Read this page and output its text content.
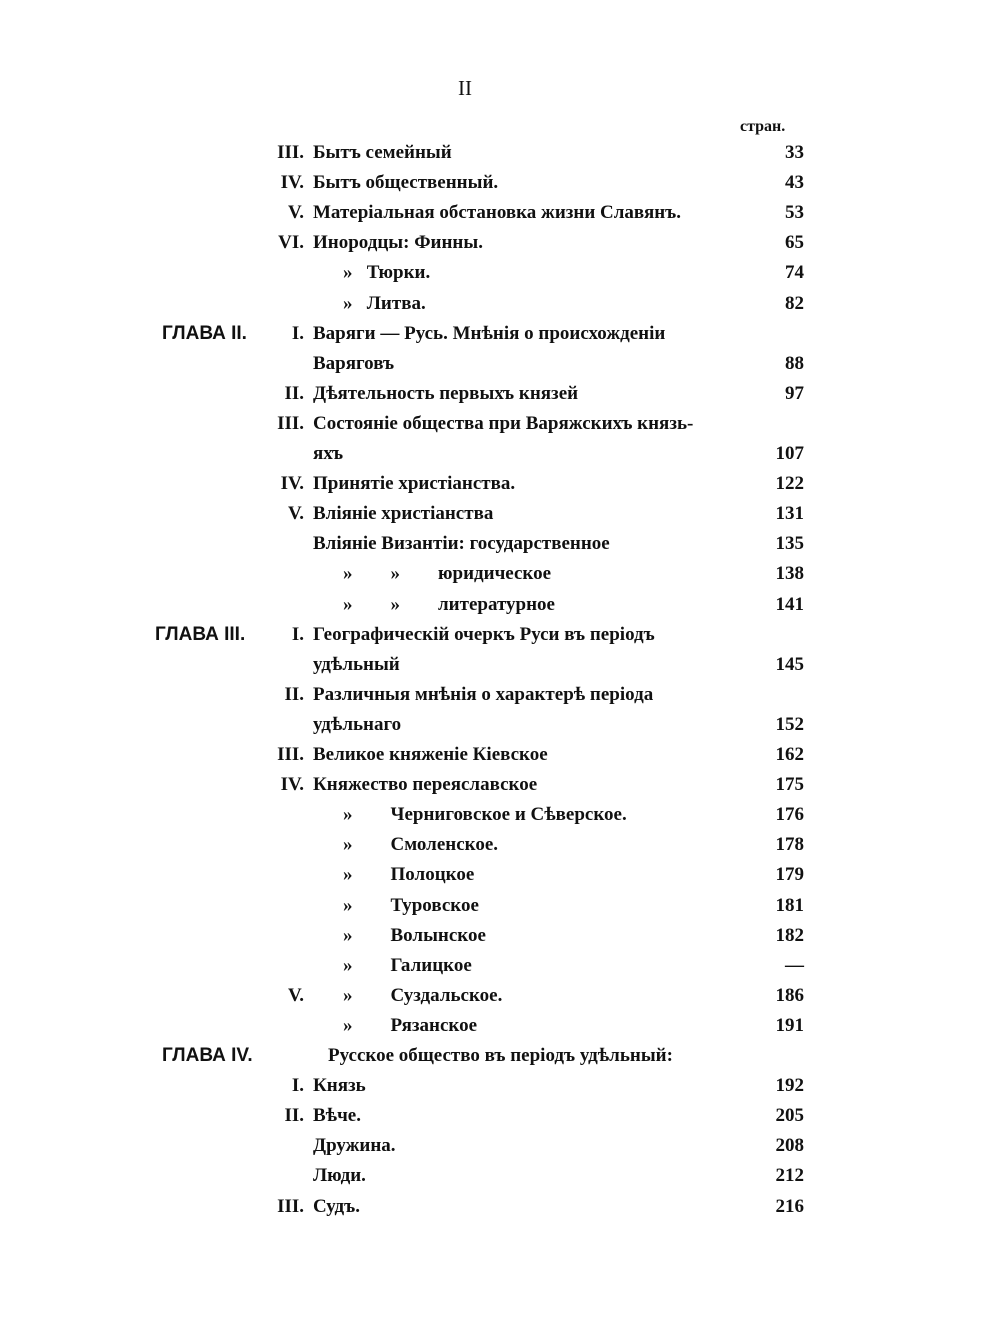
II
стран.
III. Бытъ семейный	33
IV. Бытъ общественный.	43
V. Матеріальная обстановка жизни Славянъ.	53
VI. Инородцы: Финны.	65
»   Тюрки.	74
»   Литва.	82
ГЛАВА II. I. Варяги — Русь. Мнѣнія о происхожденіи
Варяговъ	88
II. Дѣятельность первыхъ князей	97
III. Состояніе общества при Варяжскихъ князь-
яхъ	107
IV. Принятіе христіанства.	122
V. Вліяніе христіанства	131
Вліяніе Византіи: государственное	135
»        »        юридическое	138
»        »        литературное	141
ГЛАВА III. I. Географическій очеркъ Руси въ періодъ
удѣльный	145
II. Различныя мнѣнія о характерѣ періода
удѣльнаго	152
III. Великое княженіе Кіевское	162
IV. Княжество переяславское	175
»        Черниговское и Сѣверское.	176
»        Смоленское.	178
»        Полоцкое	179
»        Туровское	181
»        Волынское	182
»        Галицкое	—
V. »        Суздальское.	186
»        Рязанское	191
ГЛАВА IV.	Русское общество въ періодъ удѣльный:
I. Князь	192
II. Вѣче.	205
Дружина.	208
Люди.	212
III. Судъ.	216
